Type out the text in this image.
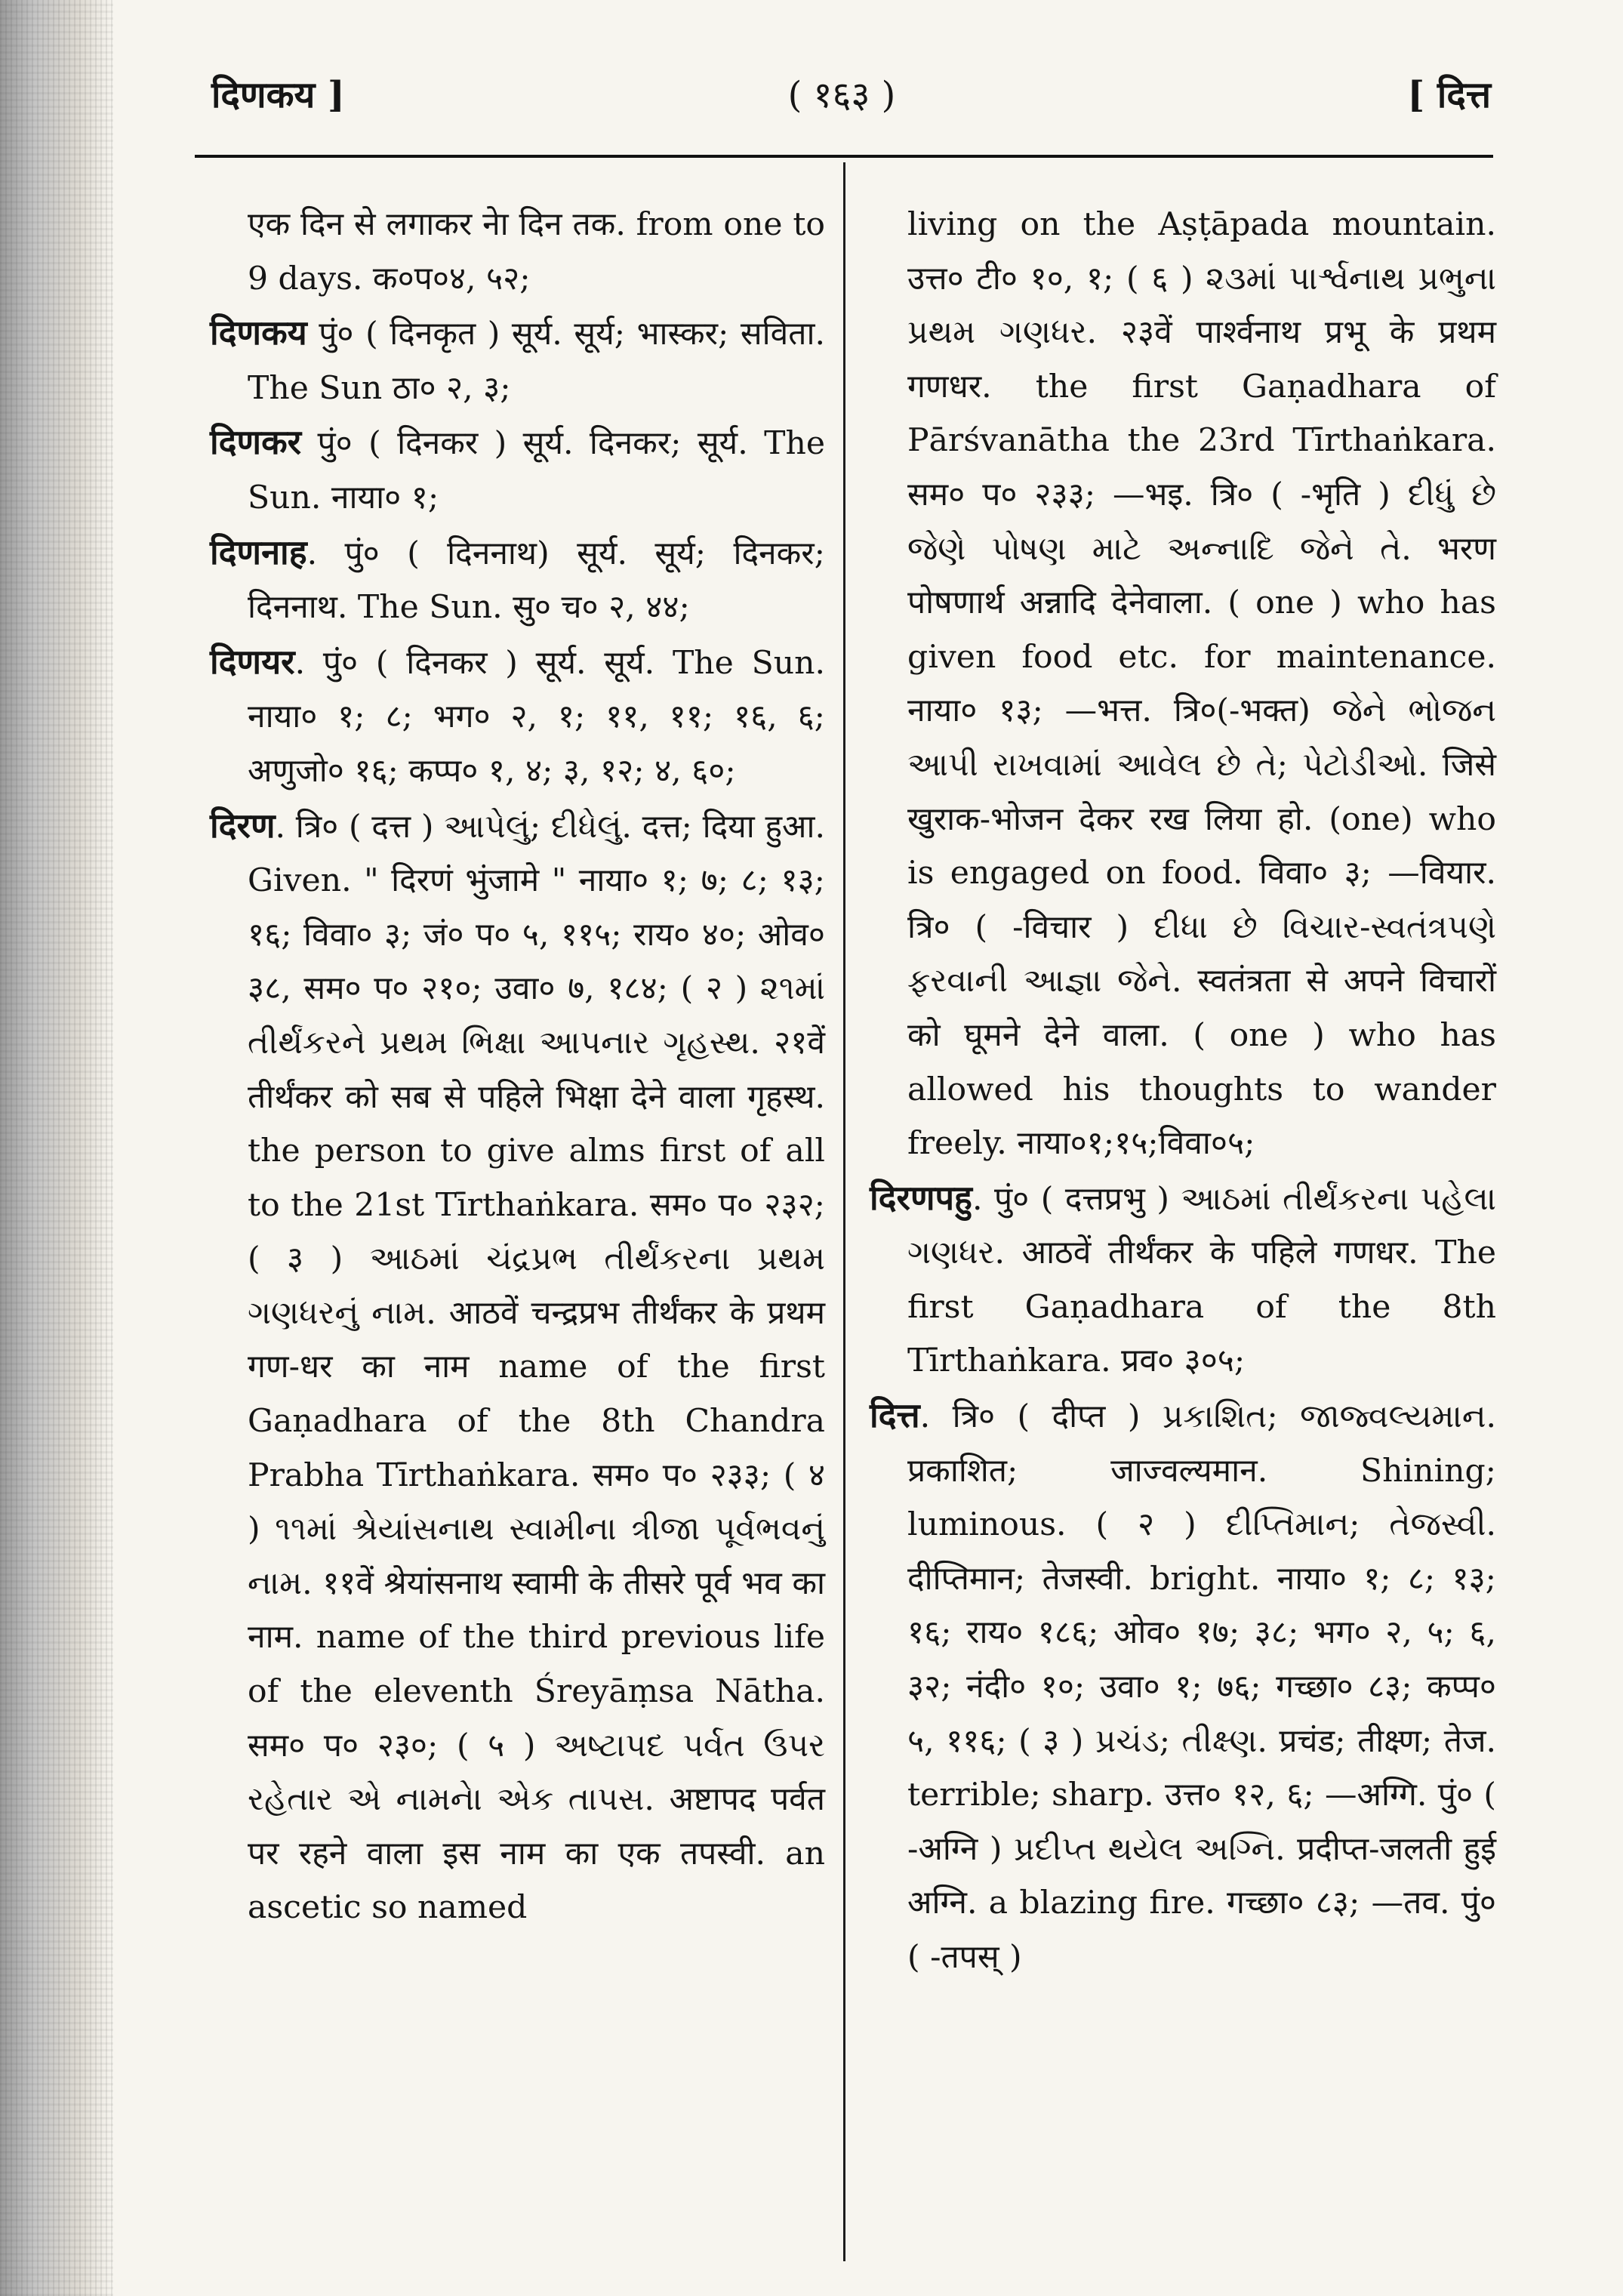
दिणकय ]	( १६३ )	[ दित्त

एक दिन से लगाकर नेा दिन तक. from one to 9 days. क०प०४, ५२;

दिणकय पुं० ( दिनकृत ) सूर्य. सूर्य; भास्कर; सविता. The Sun ठा० २, ३;

दिणकर पुं० ( दिनकर ) सूर्य. दिनकर; सूर्य. The Sun. नाया० १;

दिणनाह. पुं० ( दिननाथ) सूर्य. सूर्य; दिनकर; दिननाथ. The Sun. सु० च० २, ४४;

दिणयर. पुं० ( दिनकर ) सूर्य. सूर्य. The Sun. नाया० १; ८; भग० २, १; ११, ११; १६, ६; अणुजो० १६; कप्प० १, ४; ३, १२; ४, ६०;

दिरण. त्रि० ( दत्त ) આપેલું; દીધેલું. दत्त; दिया हुआ. Given. " दिरणं भुंजामे " नाया० १; ७; ८; १३; १६; विवा० ३; जं० प० ५, ११५; राय० ४०; ओव० ३८, सम० प० २१०; उवा० ७, १८४; ( २ ) ૨૧માં તીર્થંકરને પ્રથમ ભિક્ષા આપનાર ગૃહસ્થ. २१वें तीर्थंकर को सब से पहिले भिक्षा देने वाला गृहस्थ. the person to give alms first of all to the 21st Tīrthaṅkara. सम० प० २३२; ( ३ ) આઠમાં ચંદ્રપ્રભ તીર્થંકરના પ્રથમ ગણધરનું નામ. आठवें चन्द्रप्रभ तीर्थंकर के प्रथम गण-धर का नाम name of the first Gaṇadhara of the 8th Chandra Prabha Tīrthaṅkara. सम० प० २३३; ( ४ ) ૧૧માં શ્રેયાંસનાથ સ્વામીના ત્રીજા પૂર્વભવનું નામ. ११वें श्रेयांसनाथ स्वामी के तीसरे पूर्व भव का नाम. name of the third previous life of the eleventh Śreyāṃsa Nātha. सम० प० २३०; ( ५ ) અષ્ટાપદ પર્વત ઉપર રહેતાર એ નામનેા એક તાપસ. अष्टापद पर्वत पर रहने वाला इस नाम का एक तपस्वी. an ascetic so named

living on the Aṣṭāpada mountain. उत्त० टी० १०, १; ( ६ ) ૨૩માં પાર્શ્વનાથ પ્રભુના પ્રથમ ગણધર. २३वें पार्श्वनाथ प्रभू के प्रथम गणधर. the first Gaṇadhara of Pārśvanātha the 23rd Tīrthaṅkara. सम० प० २३३; —भइ. त्रि० ( -भृति ) દીધું છે જેણે પોષણ માટે અન્નાદિ જેને તે. भरण पोषणार्थ अन्नादि देनेवाला. ( one ) who has given food etc. for maintenance. नाया० १३; —भत्त. त्रि०(-भक्त) જેને ભોજન આપી રાખવામાં આવેલ છે તે; પેટોડીઓ. जिसे खुराक-भोजन देकर रख लिया हो. (one) who is engaged on food. विवा० ३; —वियार. त्रि० ( -विचार ) દીધા છે વિચાર-સ્વતંત્રપણે ફરવાની આજ્ઞા જેને. स्वतंत्रता से अपने विचारों को घूमने देने वाला. ( one ) who has allowed his thoughts to wander freely. नाया०१;१५;विवा०५;

दिरणपहु. पुं० ( दत्तप्रभु ) આઠમાં તીર્થંકરના પહેલા ગણધર. आठवें तीर्थंकर के पहिले गणधर. The first Gaṇadhara of the 8th Tīrthaṅkara. प्रव० ३०५;

दित्त. त्रि० ( दीप्त ) પ્રકાશિત; જાજ્વલ્યમાન. प्रकाशित; जाज्वल्यमान. Shining; luminous. ( २ ) દીપ્તિમાન; તેજસ્વી. दीप्तिमान; तेजस्वी. bright. नाया० १; ८; १३; १६; राय० १८६; ओव० १७; ३८; भग० २, ५; ६, ३२; नंदी० १०; उवा० १; ७६; गच्छा० ८३; कप्प० ५, ११६; ( ३ ) પ્રચંડ; તીક્ષ્ણ. प्रचंड; तीक्ष्ण; तेज. terrible; sharp. उत्त० १२, ६; —अग्गि. पुं० ( -अग्नि ) પ્રદીપ્ત થયેલ અગ્નિ. प्रदीप्त-जलती हुई अग्नि. a blazing fire. गच्छा० ८३; —तव. पुं० ( -तपस् )
